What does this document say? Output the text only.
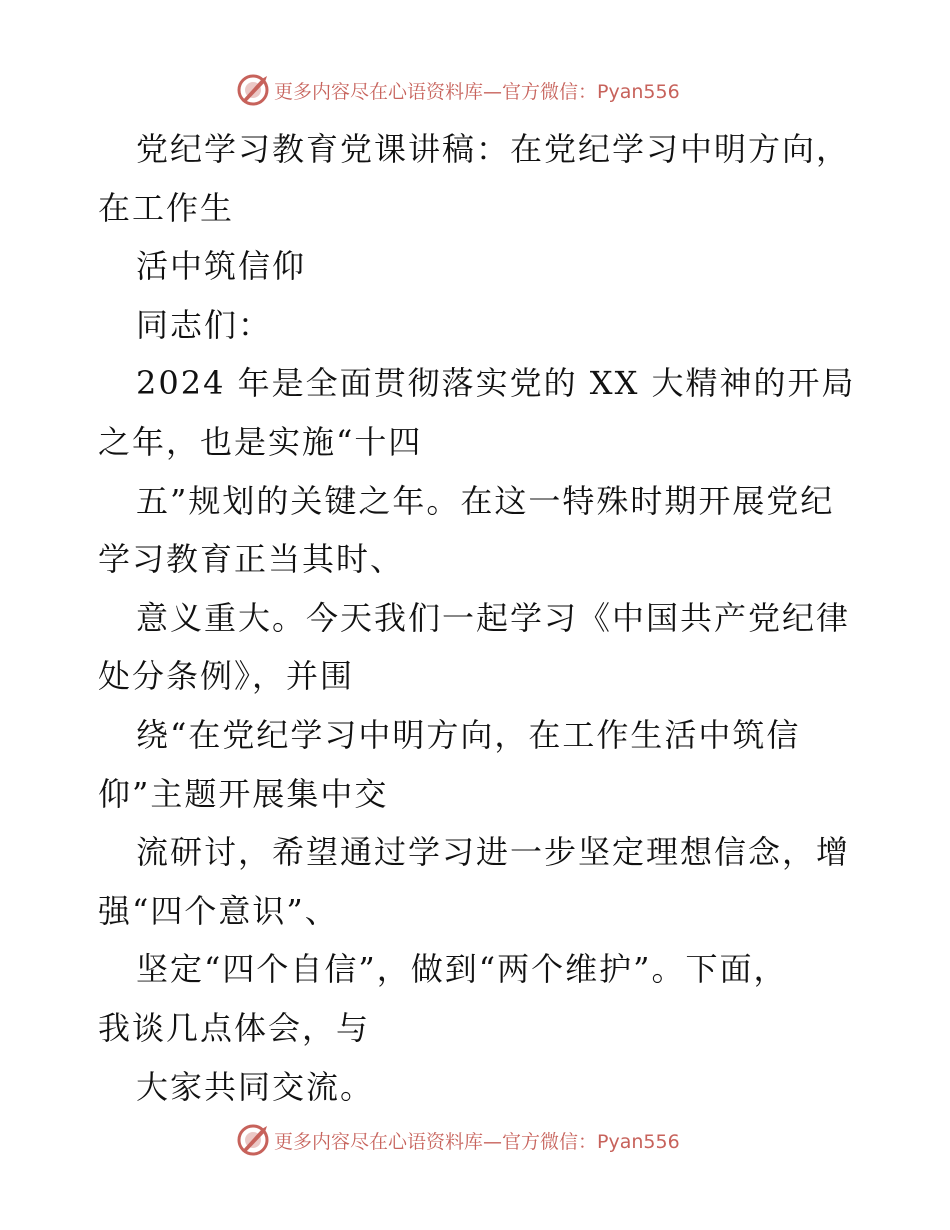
更多内容尽在心语资料库—官方微信：Pyan556
党纪学习教育党课讲稿：在党纪学习中明方向，
在工作生
活中筑信仰
同志们：
2024 年是全面贯彻落实党的 XX 大精神的开局
之年，也是实施“十四
五”规划的关键之年。在这一特殊时期开展党纪
学习教育正当其时、
意义重大。今天我们一起学习《中国共产党纪律
处分条例》，并围
绕“在党纪学习中明方向，在工作生活中筑信
仰”主题开展集中交
流研讨，希望通过学习进一步坚定理想信念，增
强“四个意识”、
坚定“四个自信”，做到“两个维护”。下面，
我谈几点体会，与
大家共同交流。
更多内容尽在心语资料库—官方微信：Pyan556
